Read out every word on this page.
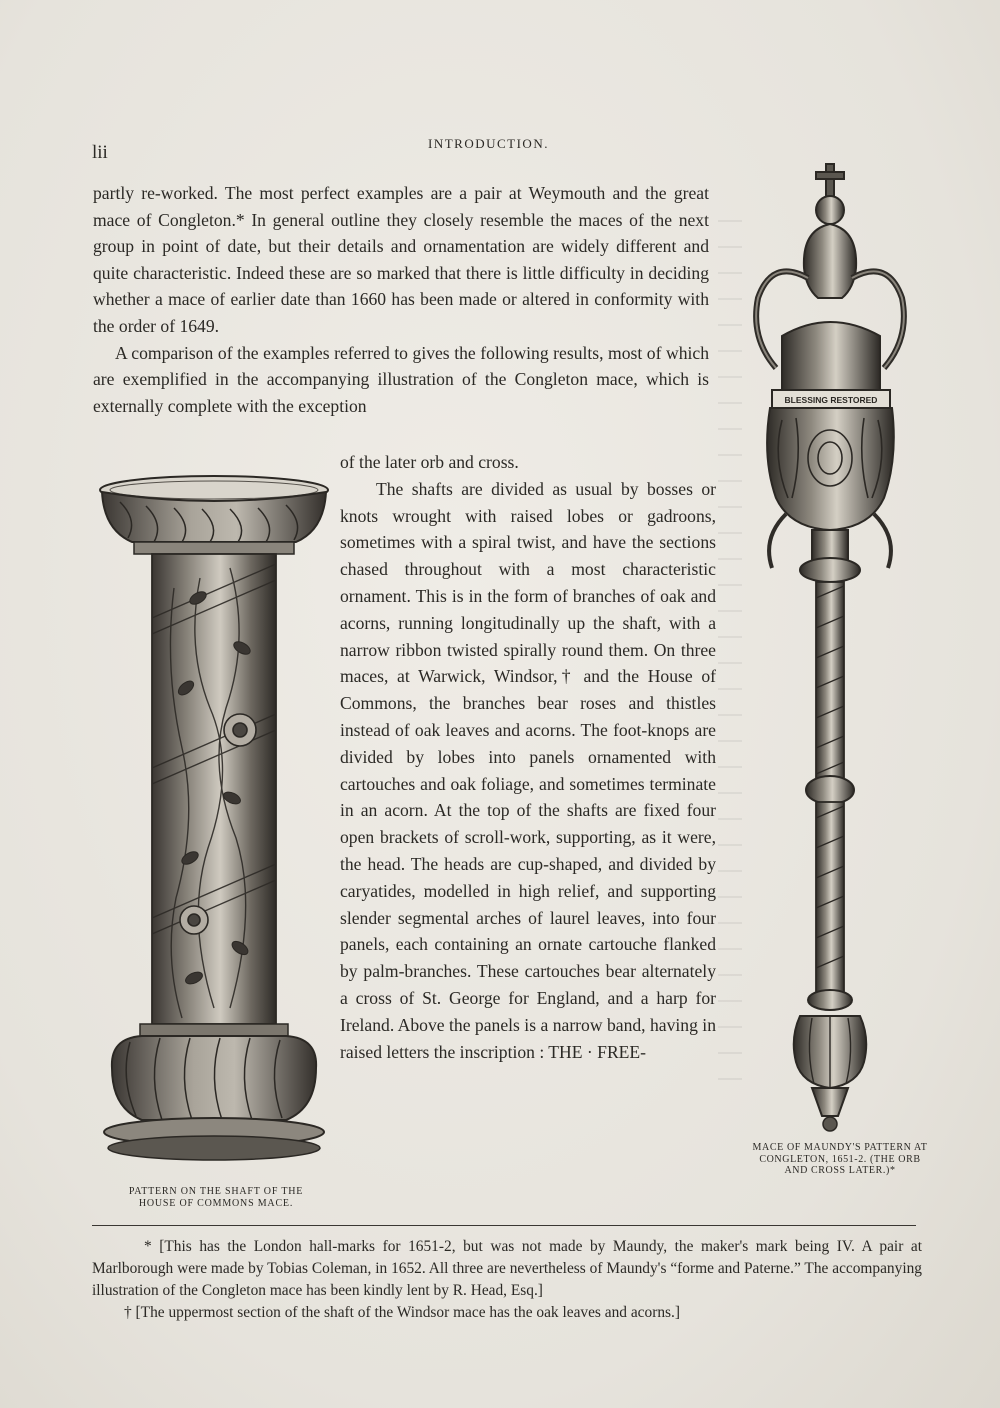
lii	INTRODUCTION.

partly re-worked. The most perfect examples are a pair at Weymouth and the great mace of Congleton.* In general outline they closely resemble the maces of the next group in point of date, but their details and ornamentation are widely different and quite characteristic. Indeed these are so marked that there is little difficulty in deciding whether a mace of earlier date than 1660 has been made or altered in conformity with the order of 1649.

A comparison of the examples referred to gives the following results, most of which are exemplified in the accompanying illustration of the Congleton mace, which is externally complete with the exception

of the later orb and cross.

The shafts are divided as usual by bosses or knots wrought with raised lobes or gadroons, sometimes with a spiral twist, and have the sections chased throughout with a most characteristic ornament. This is in the form of branches of oak and acorns, running longitudinally up the shaft, with a narrow ribbon twisted spirally round them. On three maces, at Warwick, Windsor,† and the House of Commons, the branches bear roses and thistles instead of oak leaves and acorns. The foot-knops are divided by lobes into panels ornamented with cartouches and oak foliage, and sometimes terminate in an acorn. At the top of the shafts are fixed four open brackets of scroll-work, supporting, as it were, the head. The heads are cup-shaped, and divided by caryatides, modelled in high relief, and supporting slender segmental arches of laurel leaves, into four panels, each containing an ornate cartouche flanked by palm-branches. These cartouches bear alternately a cross of St. George for England, and a harp for Ireland. Above the panels is a narrow band, having in raised letters the inscription : THE · FREE-

BLESSING RESTORED
PATTERN ON THE SHAFT OF THE HOUSE OF COMMONS MACE.
MACE OF MAUNDY'S PATTERN AT CONGLETON, 1651-2. (THE ORB AND CROSS LATER.)*

* [This has the London hall-marks for 1651-2, but was not made by Maundy, the maker's mark being IV. A pair at Marlborough were made by Tobias Coleman, in 1652. All three are nevertheless of Maundy's “forme and Paterne.” The accompanying illustration of the Congleton mace has been kindly lent by R. Head, Esq.]

† [The uppermost section of the shaft of the Windsor mace has the oak leaves and acorns.]
